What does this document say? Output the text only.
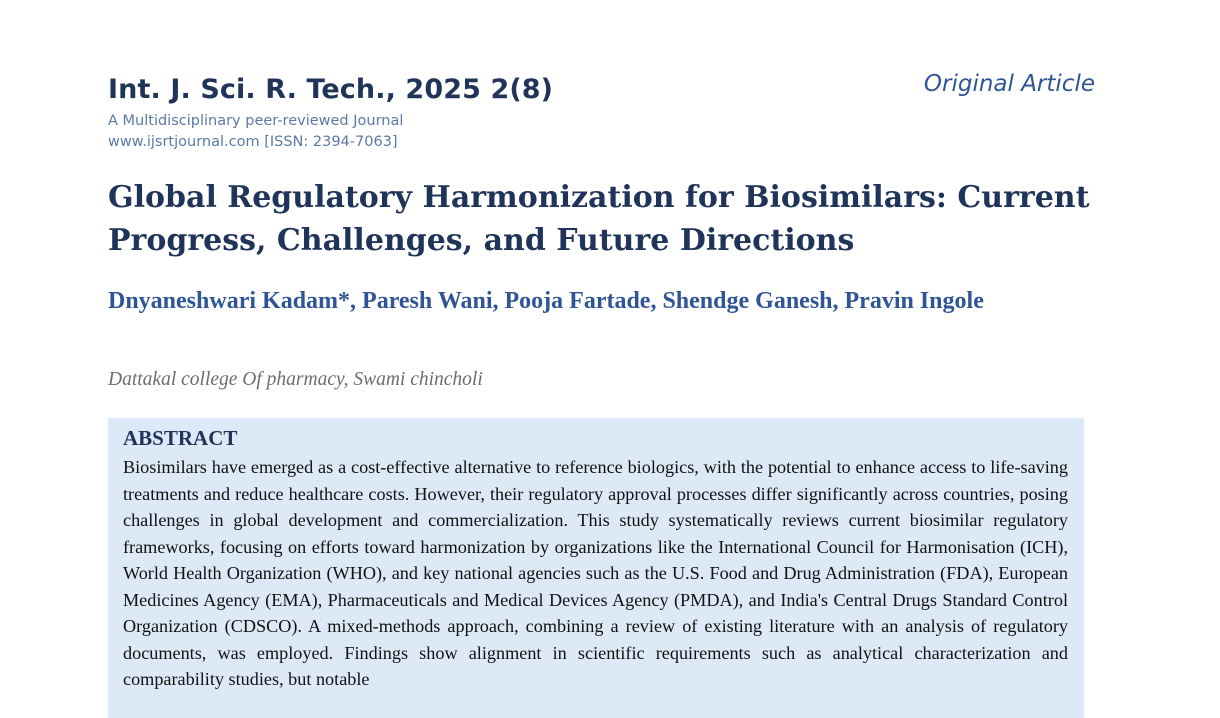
Int. J. Sci. R. Tech., 2025 2(8)
A Multidisciplinary peer-reviewed Journal
www.ijsrtjournal.com [ISSN: 2394-7063]
Original Article
Global Regulatory Harmonization for Biosimilars: Current Progress, Challenges, and Future Directions
Dnyaneshwari Kadam*, Paresh Wani, Pooja Fartade, Shendge Ganesh, Pravin Ingole
Dattakal college Of pharmacy, Swami chincholi
ABSTRACT

Biosimilars have emerged as a cost-effective alternative to reference biologics, with the potential to enhance access to life-saving treatments and reduce healthcare costs. However, their regulatory approval processes differ significantly across countries, posing challenges in global development and commercialization. This study systematically reviews current biosimilar regulatory frameworks, focusing on efforts toward harmonization by organizations like the International Council for Harmonisation (ICH), World Health Organization (WHO), and key national agencies such as the U.S. Food and Drug Administration (FDA), European Medicines Agency (EMA), Pharmaceuticals and Medical Devices Agency (PMDA), and India's Central Drugs Standard Control Organization (CDSCO). A mixed-methods approach, combining a review of existing literature with an analysis of regulatory documents, was employed. Findings show alignment in scientific requirements such as analytical characterization and comparability studies, but notable
